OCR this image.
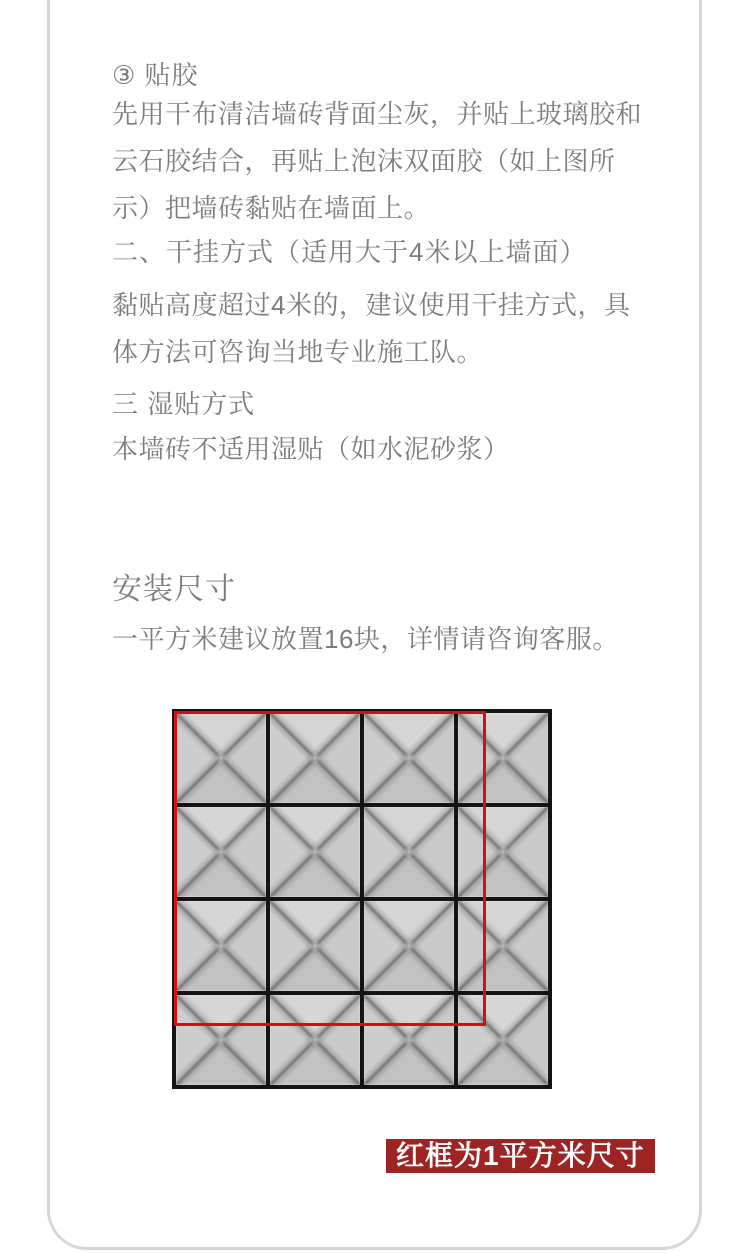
③ 贴胶
先用干布清洁墙砖背面尘灰，并贴上玻璃胶和云石胶结合，再贴上泡沫双面胶（如上图所示）把墙砖黏贴在墙面上。
二、干挂方式（适用大于4米以上墙面）
黏贴高度超过4米的，建议使用干挂方式，具体方法可咨询当地专业施工队。
三 湿贴方式
本墙砖不适用湿贴（如水泥砂浆）
安装尺寸
一平方米建议放置16块，详情请咨询客服。
红框为1平方米尺寸
